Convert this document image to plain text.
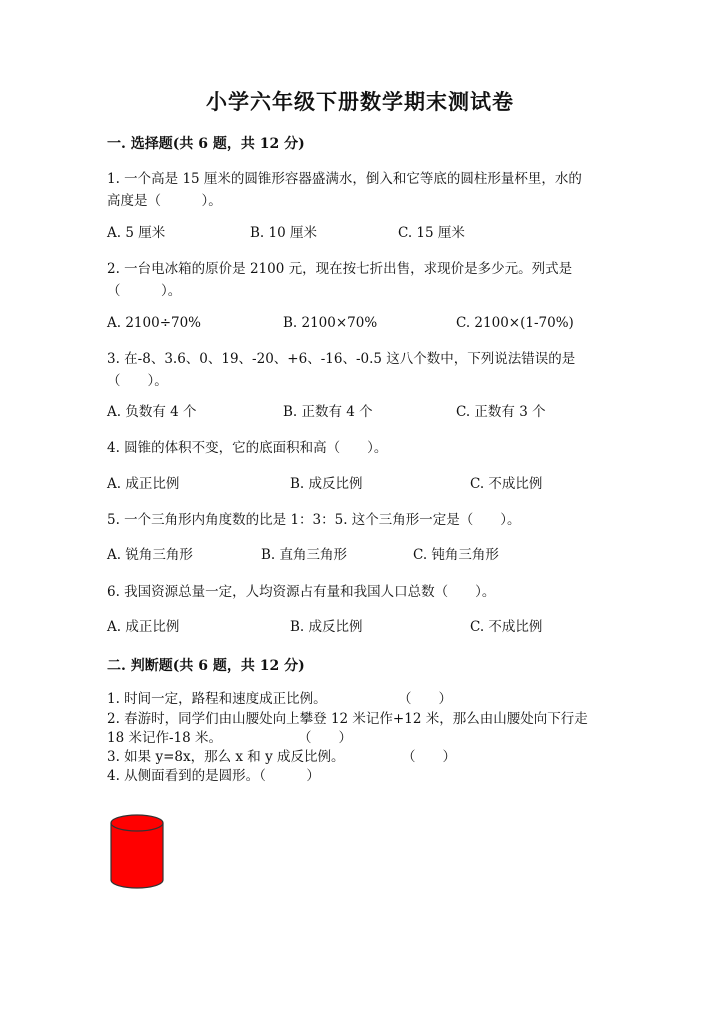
小学六年级下册数学期末测试卷
一. 选择题(共 6 题，共 12 分)
1. 一个高是 15 厘米的圆锥形容器盛满水，倒入和它等底的圆柱形量杯里，水的
高度是（　　　）。
A. 5 厘米	B. 10 厘米	C. 15 厘米
2. 一台电冰箱的原价是 2100 元，现在按七折出售，求现价是多少元。列式是
（　　　）。
A. 2100÷70%	B. 2100×70%	C. 2100×(1-70%)
3. 在-8、3.6、0、19、-20、+6、-16、-0.5 这八个数中，下列说法错误的是
（　　）。
A. 负数有 4 个	B. 正数有 4 个	C. 正数有 3 个
4. 圆锥的体积不变，它的底面积和高（　　）。
A. 成正比例	B. 成反比例	C. 不成比例
5. 一个三角形内角度数的比是 1：3：5. 这个三角形一定是（　　）。
A. 锐角三角形	B. 直角三角形	C. 钝角三角形
6. 我国资源总量一定，人均资源占有量和我国人口总数（　　）。
A. 成正比例	B. 成反比例	C. 不成比例
二. 判断题(共 6 题，共 12 分)
1. 时间一定，路程和速度成正比例。	（　　）
2. 春游时，同学们由山腰处向上攀登 12 米记作+12 米，那么由山腰处向下行走
18 米记作-18 米。	（　　）
3. 如果 y=8x，那么 x 和 y 成反比例。	（　　）
4. 从侧面看到的是圆形。（　　　）
